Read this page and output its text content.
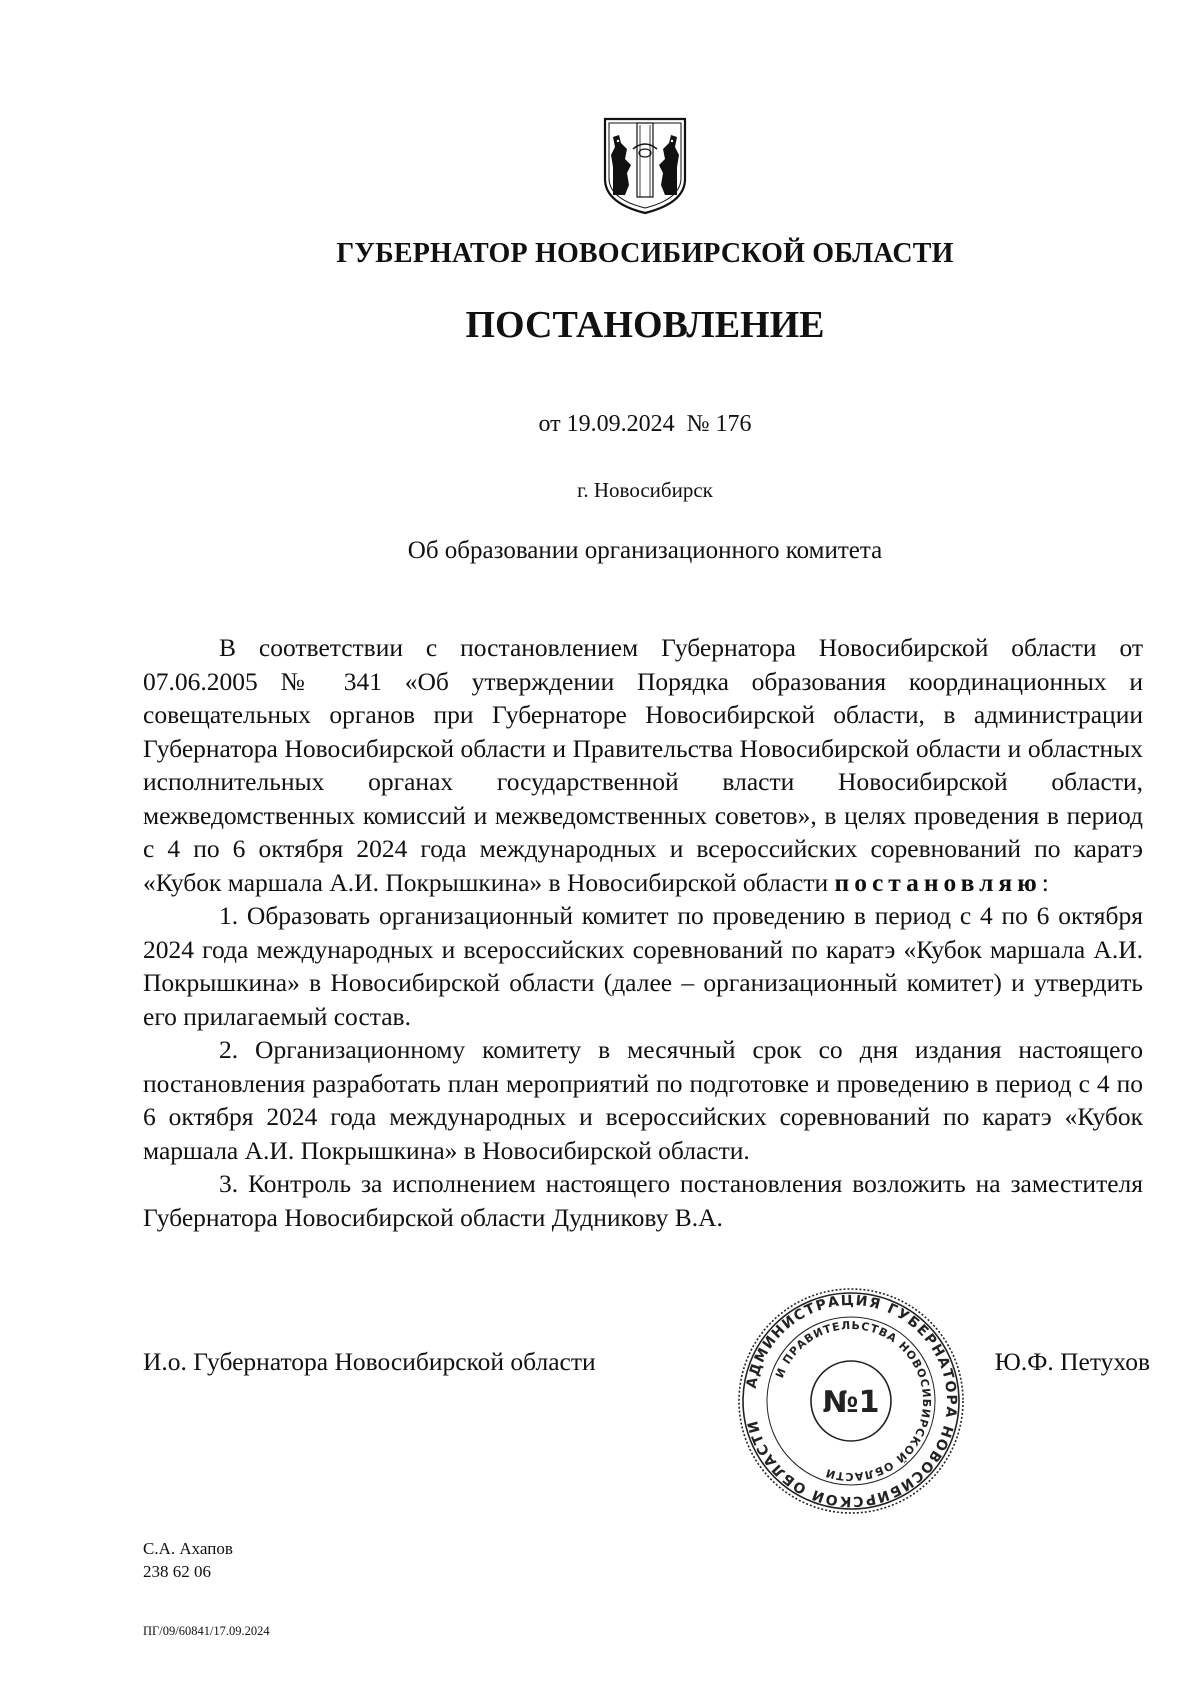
ГУБЕРНАТОР НОВОСИБИРСКОЙ ОБЛАСТИ
ПОСТАНОВЛЕНИЕ
от 19.09.2024  № 176
г. Новосибирск
Об образовании организационного комитета

В соответствии с постановлением Губернатора Новосибирской области от 07.06.2005 № 341 «Об утверждении Порядка образования координационных и совещательных органов при Губернаторе Новосибирской области, в администрации Губернатора Новосибирской области и Правительства Новосибирской области и областных исполнительных органах государственной власти Новосибирской области, межведомственных комиссий и межведомственных советов», в целях проведения в период с 4 по 6 октября 2024 года международных и всероссийских соревнований по каратэ «Кубок маршала А.И. Покрышкина» в Новосибирской области постановляю:

1. Образовать организационный комитет по проведению в период с 4 по 6 октября 2024 года международных и всероссийских соревнований по каратэ «Кубок маршала А.И. Покрышкина» в Новосибирской области (далее – организационный комитет) и утвердить его прилагаемый состав.

2. Организационному комитету в месячный срок со дня издания настоящего постановления разработать план мероприятий по подготовке и проведению в период с 4 по 6 октября 2024 года международных и всероссийских соревнований по каратэ «Кубок маршала А.И. Покрышкина» в Новосибирской области.

3. Контроль за исполнением настоящего постановления возложить на заместителя Губернатора Новосибирской области Дудникову В.А.

И.о. Губернатора Новосибирской области	Ю.Ф. Петухов
АДМИНИСТРАЦИЯ ГУБЕРНАТОРА НОВОСИБИРСКОЙ ОБЛАСТИ
И ПРАВИТЕЛЬСТВА НОВОСИБИРСКОЙ ОБЛАСТИ
№1
С.А. Ахапов
238 62 06
ПГ/09/60841/17.09.2024
